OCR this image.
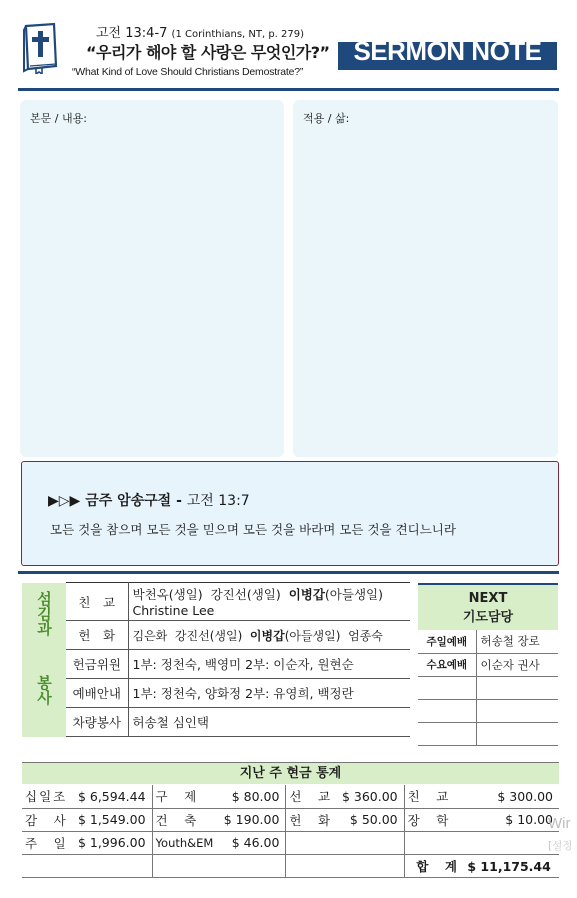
고전 13:4-7 (1 Corinthians, NT, p. 279)
“우리가 해야 할 사랑은 무엇인가?”
“What Kind of Love Should Christians Demostrate?”
SERMON NOTE
본문 / 내용:	적용 / 삶:
▶▷▶ 금주 암송구절 - 고전 13:7
모든 것을 참으며 모든 것을 믿으며 모든 것을 바라며 모든 것을 견디느니라
섬김과	친　교	박천옥(생일) 강진선(생일) 이병갑(아들생일)
Christine Lee
	헌　화	김은화 강진선(생일) 이병갑(아들생일) 엄종숙
봉사	헌금위원	1부: 정천숙, 백영미 2부: 이순자, 원현순
	예배안내	1부: 정천숙, 양화정 2부: 유영희, 백정란
	차량봉사	허송철 심인택
NEXT
기도담당
주일예배	허송철 장로
수요예배	이순자 권사

지난 주 현금 통계
십일조	$ 6,594.44	구　제	$ 80.00	선　교	$ 360.00	친　교	$ 300.00
감　사	$ 1,549.00	건　축	$ 190.00	헌　화	$ 50.00	장　학	$ 10.00
주　일	$ 1,996.00	Youth&EM	$ 46.00				
						합　계 $ 11,175.44	
Wir
[설정
